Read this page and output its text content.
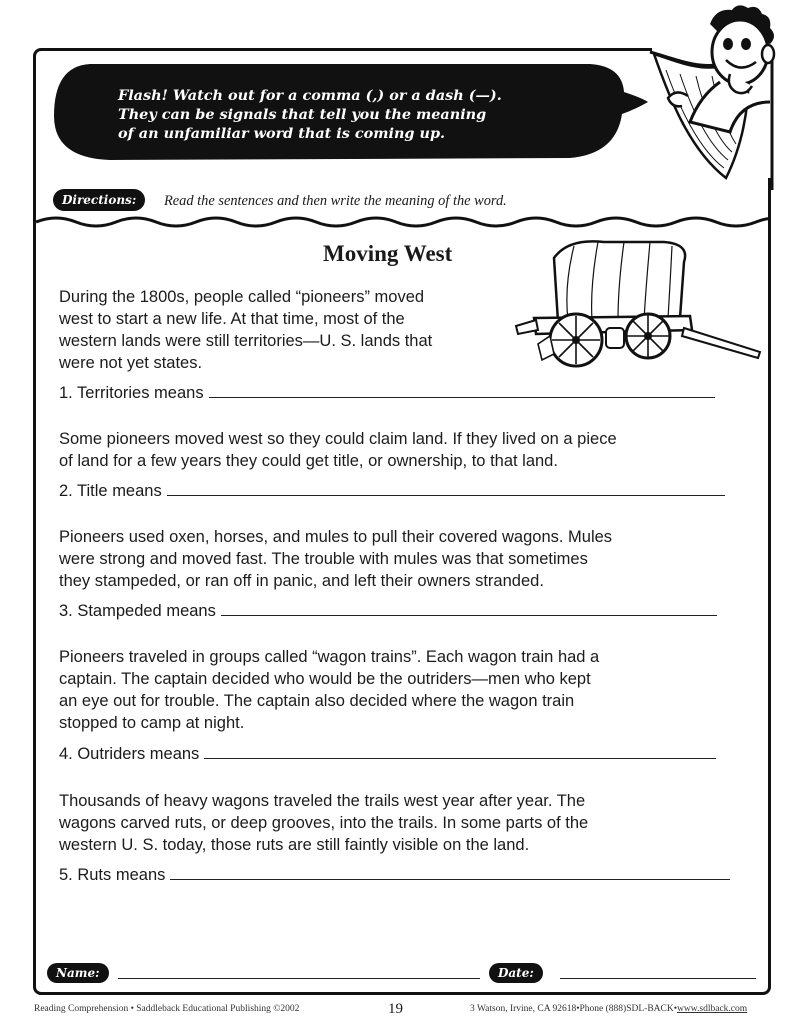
Flash! Watch out for a comma (,) or a dash (—).
They can be signals that tell you the meaning
of an unfamiliar word that is coming up.
Directions:	Read the sentences and then write the meaning of the word.
Moving West
During the 1800s, people called “pioneers” moved
west to start a new life. At that time, most of the
western lands were still territories—U. S. lands that
were not yet states.
1. Territories means
Some pioneers moved west so they could claim land. If they lived on a piece
of land for a few years they could get title, or ownership, to that land.
2. Title means
Pioneers used oxen, horses, and mules to pull their covered wagons. Mules
were strong and moved fast. The trouble with mules was that sometimes
they stampeded, or ran off in panic, and left their owners stranded.
3. Stampeded means
Pioneers traveled in groups called “wagon trains”. Each wagon train had a
captain. The captain decided who would be the outriders—men who kept
an eye out for trouble. The captain also decided where the wagon train
stopped to camp at night.
4. Outriders means
Thousands of heavy wagons traveled the trails west year after year. The
wagons carved ruts, or deep grooves, into the trails. In some parts of the
western U. S. today, those ruts are still faintly visible on the land.
5. Ruts means
Name:	Date:
Reading Comprehension • Saddleback Educational Publishing ©2002	19	3 Watson, Irvine, CA 92618•Phone (888)SDL-BACK•www.sdlback.com
